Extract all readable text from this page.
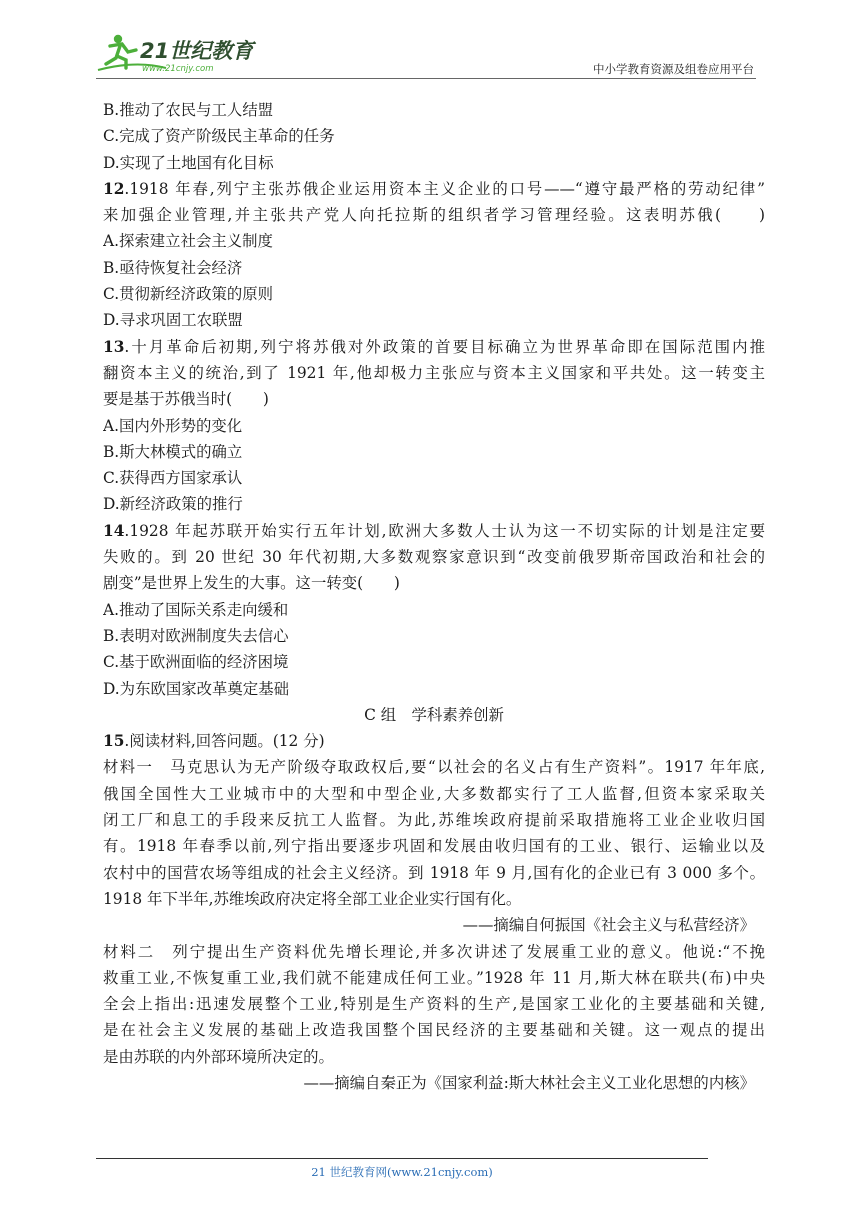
21世纪教育
www.21cnjy.com	中小学教育资源及组卷应用平台
B.推动了农民与工人结盟
C.完成了资产阶级民主革命的任务
D.实现了土地国有化目标
12.1918 年春,列宁主张苏俄企业运用资本主义企业的口号——“遵守最严格的劳动纪律”
来加强企业管理,并主张共产党人向托拉斯的组织者学习管理经验。这表明苏俄(　　)
A.探索建立社会主义制度
B.亟待恢复社会经济
C.贯彻新经济政策的原则
D.寻求巩固工农联盟
13.十月革命后初期,列宁将苏俄对外政策的首要目标确立为世界革命即在国际范围内推
翻资本主义的统治,到了 1921 年,他却极力主张应与资本主义国家和平共处。这一转变主
要是基于苏俄当时(　　)
A.国内外形势的变化
B.斯大林模式的确立
C.获得西方国家承认
D.新经济政策的推行
14.1928 年起苏联开始实行五年计划,欧洲大多数人士认为这一不切实际的计划是注定要
失败的。到 20 世纪 30 年代初期,大多数观察家意识到“改变前俄罗斯帝国政治和社会的
剧变”是世界上发生的大事。这一转变(　　)
A.推动了国际关系走向缓和
B.表明对欧洲制度失去信心
C.基于欧洲面临的经济困境
D.为东欧国家改革奠定基础
C 组　学科素养创新
15.阅读材料,回答问题。(12 分)
材料一　马克思认为无产阶级夺取政权后,要“以社会的名义占有生产资料”。1917 年年底,
俄国全国性大工业城市中的大型和中型企业,大多数都实行了工人监督,但资本家采取关
闭工厂和息工的手段来反抗工人监督。为此,苏维埃政府提前采取措施将工业企业收归国
有。1918 年春季以前,列宁指出要逐步巩固和发展由收归国有的工业、银行、运输业以及
农村中的国营农场等组成的社会主义经济。到 1918 年 9 月,国有化的企业已有 3 000 多个。
1918 年下半年,苏维埃政府决定将全部工业企业实行国有化。
——摘编自何振国《社会主义与私营经济》
材料二　列宁提出生产资料优先增长理论,并多次讲述了发展重工业的意义。他说:“不挽
救重工业,不恢复重工业,我们就不能建成任何工业。”1928 年 11 月,斯大林在联共(布)中央
全会上指出:迅速发展整个工业,特别是生产资料的生产,是国家工业化的主要基础和关键,
是在社会主义发展的基础上改造我国整个国民经济的主要基础和关键。这一观点的提出
是由苏联的内外部环境所决定的。
——摘编自秦正为《国家利益:斯大林社会主义工业化思想的内核》
21 世纪教育网(www.21cnjy.com)
